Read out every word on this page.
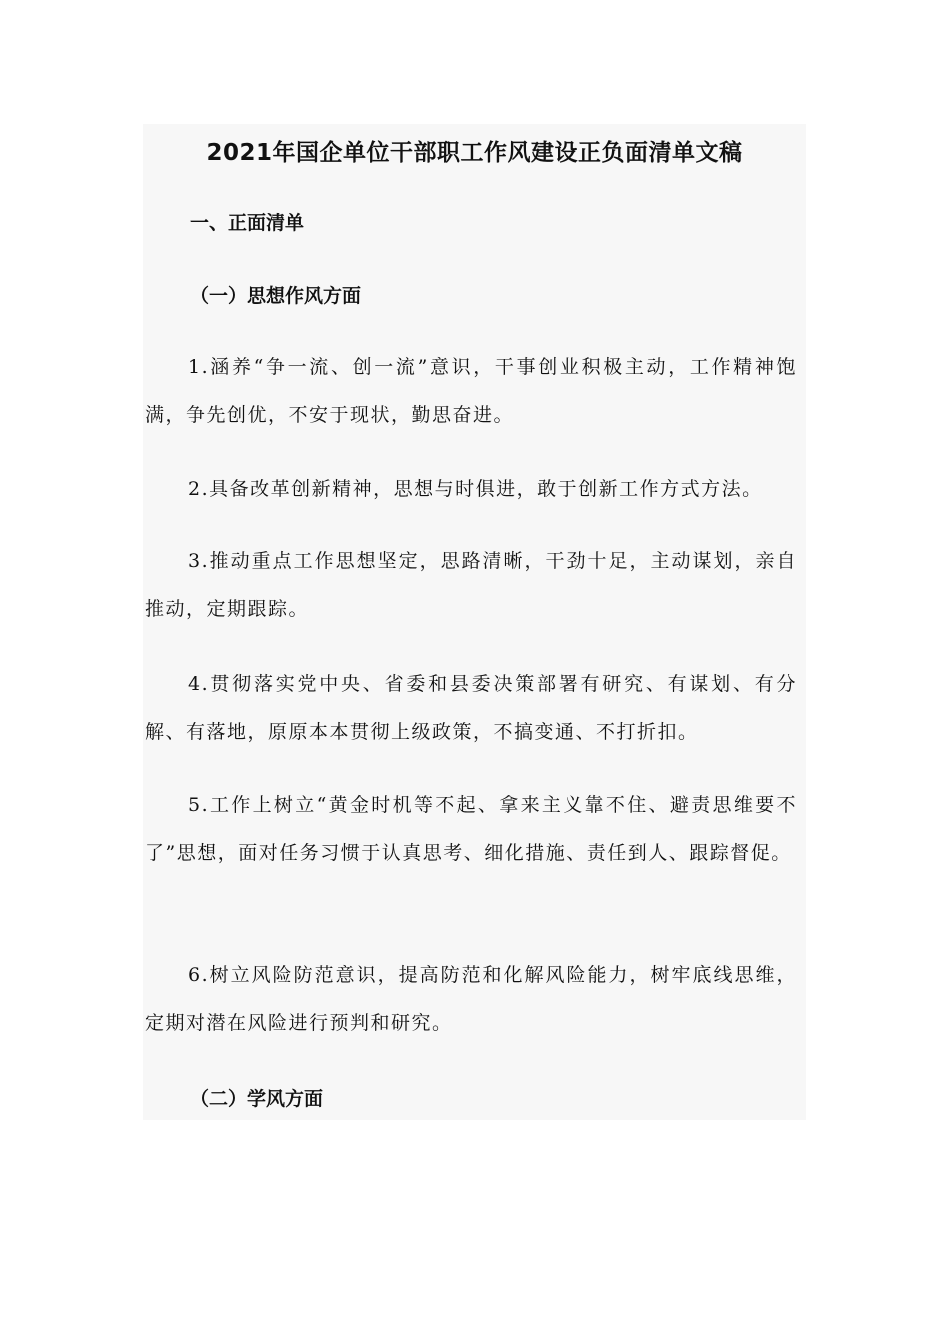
2021年国企单位干部职工作风建设正负面清单文稿
一、正面清单
（一）思想作风方面

1.涵养“争一流、创一流”意识，干事创业积极主动，工作精神饱满，争先创优，不安于现状，勤思奋进。

2.具备改革创新精神，思想与时俱进，敢于创新工作方式方法。

3.推动重点工作思想坚定，思路清晰，干劲十足，主动谋划，亲自推动，定期跟踪。

4.贯彻落实党中央、省委和县委决策部署有研究、有谋划、有分解、有落地，原原本本贯彻上级政策，不搞变通、不打折扣。

5.工作上树立“黄金时机等不起、拿来主义靠不住、避责思维要不了”思想，面对任务习惯于认真思考、细化措施、责任到人、跟踪督促。

6.树立风险防范意识，提高防范和化解风险能力，树牢底线思维，定期对潜在风险进行预判和研究。

（二）学风方面
